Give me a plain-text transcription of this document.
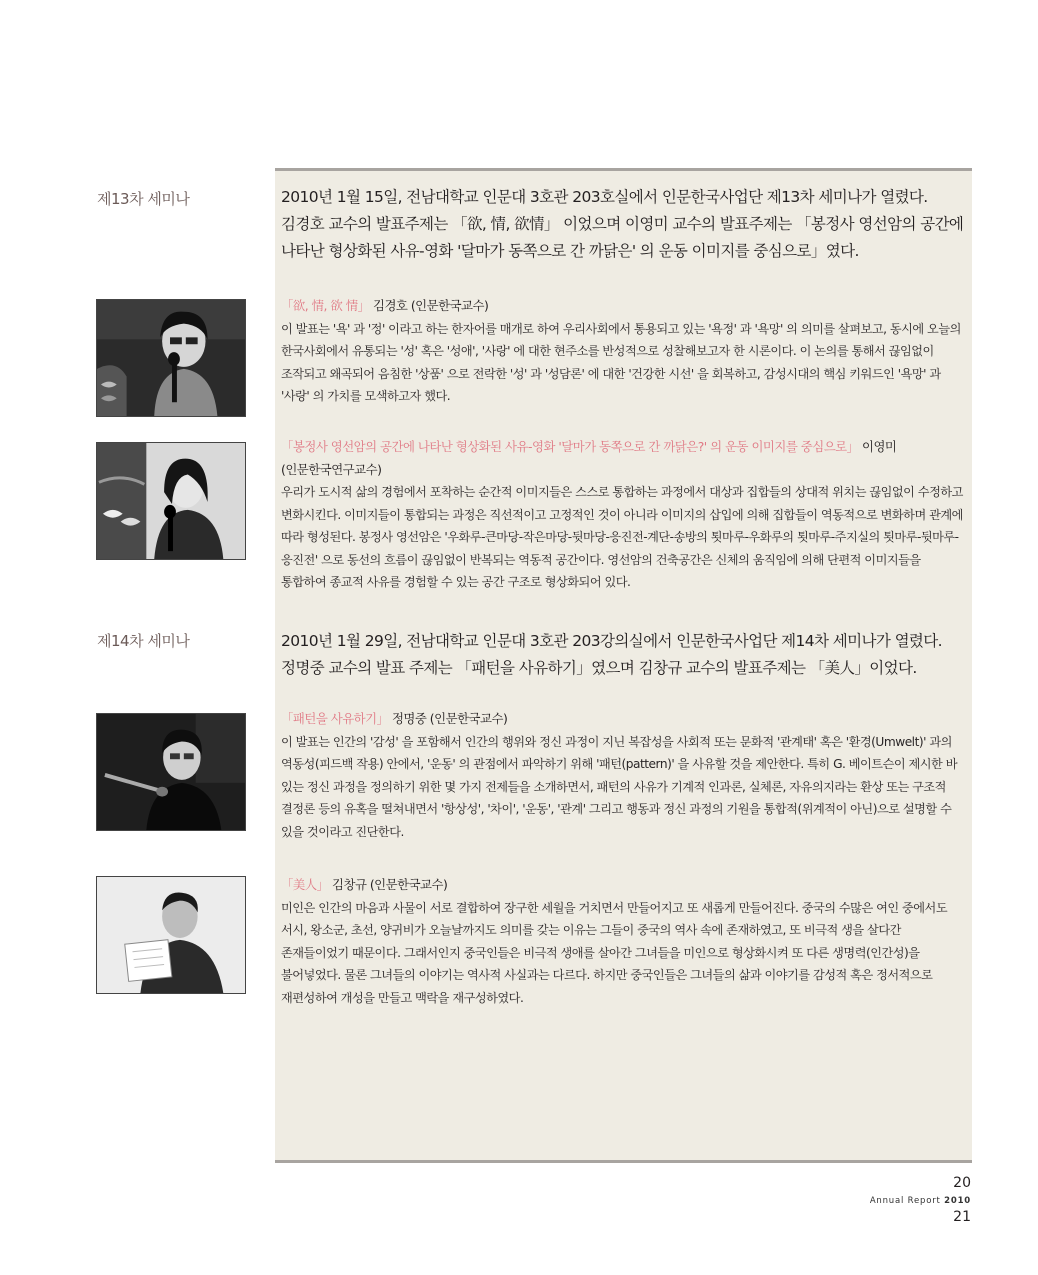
제13차 세미나	2010년 1월 15일, 전남대학교 인문대 3호관 203호실에서 인문한국사업단 제13차 세미나가 열렸다. 김경호 교수의 발표주제는 「欲, 情, 欲情」 이었으며 이영미 교수의 발표주제는 「봉정사 영선암의 공간에 나타난 형상화된 사유-영화 '달마가 동쪽으로 간 까닭은' 의 운동 이미지를 중심으로」였다.

「欲, 情, 欲 情」 김경호 (인문한국교수)

이 발표는 '욕' 과 '정' 이라고 하는 한자어를 매개로 하여 우리사회에서 통용되고 있는 '욕정' 과 '욕망' 의 의미를 살펴보고, 동시에 오늘의 한국사회에서 유통되는 '성' 혹은 '성애', '사랑' 에 대한 현주소를 반성적으로 성찰해보고자 한 시론이다. 이 논의를 통해서 끊임없이 조작되고 왜곡되어 음침한 '상품' 으로 전락한 '성' 과 '성담론' 에 대한 '건강한 시선' 을 회복하고, 감성시대의 핵심 키워드인 '욕망' 과 '사랑' 의 가치를 모색하고자 했다.

「봉정사 영선암의 공간에 나타난 형상화된 사유-영화 '달마가 동쪽으로 간 까닭은?' 의 운동 이미지를 중심으로」 이영미 (인문한국연구교수)

우리가 도시적 삶의 경험에서 포착하는 순간적 이미지들은 스스로 통합하는 과정에서 대상과 집합들의 상대적 위치는 끊임없이 수정하고 변화시킨다. 이미지들이 통합되는 과정은 직선적이고 고정적인 것이 아니라 이미지의 삽입에 의해 집합들이 역동적으로 변화하며 관계에 따라 형성된다. 봉정사 영선암은 '우화루-큰마당-작은마당-뒷마당-응진전-계단-송방의 툇마루-우화루의 툇마루-주지실의 툇마루-뒷마루-응진전' 으로 동선의 흐름이 끊임없이 반복되는 역동적 공간이다. 영선암의 건축공간은 신체의 움직임에 의해 단편적 이미지들을 통합하여 종교적 사유를 경험할 수 있는 공간 구조로 형상화되어 있다.

제14차 세미나	2010년 1월 29일, 전남대학교 인문대 3호관 203강의실에서 인문한국사업단 제14차 세미나가 열렸다. 정명중 교수의 발표 주제는 「패턴을 사유하기」였으며 김창규 교수의 발표주제는 「美人」이었다.

「패턴을 사유하기」 정명중 (인문한국교수)

이 발표는 인간의 '감성' 을 포함해서 인간의 행위와 정신 과정이 지닌 복잡성을 사회적 또는 문화적 '관계태' 혹은 '환경(Umwelt)' 과의 역동성(피드백 작용) 안에서, '운동' 의 관점에서 파악하기 위해 '패턴(pattern)' 을 사유할 것을 제안한다. 특히 G. 베이트슨이 제시한 바 있는 정신 과정을 정의하기 위한 몇 가지 전제들을 소개하면서, 패턴의 사유가 기계적 인과론, 실체론, 자유의지라는 환상 또는 구조적 결정론 등의 유혹을 떨쳐내면서 '항상성', '차이', '운동', '관계' 그리고 행동과 정신 과정의 기원을 통합적(위계적이 아닌)으로 설명할 수 있을 것이라고 진단한다.

「美人」 김창규 (인문한국교수)

미인은 인간의 마음과 사물이 서로 결합하여 장구한 세월을 거치면서 만들어지고 또 새롭게 만들어진다. 중국의 수많은 여인 중에서도 서시, 왕소군, 초선, 양귀비가 오늘날까지도 의미를 갖는 이유는 그들이 중국의 역사 속에 존재하였고, 또 비극적 생을 살다간 존재들이었기 때문이다. 그래서인지 중국인들은 비극적 생애를 살아간 그녀들을 미인으로 형상화시켜 또 다른 생명력(인간성)을 불어넣었다. 물론 그녀들의 이야기는 역사적 사실과는 다르다. 하지만 중국인들은 그녀들의 삶과 이야기를 감성적 혹은 정서적으로 재편성하여 개성을 만들고 맥락을 재구성하였다.

20
Annual Report 2010
21
